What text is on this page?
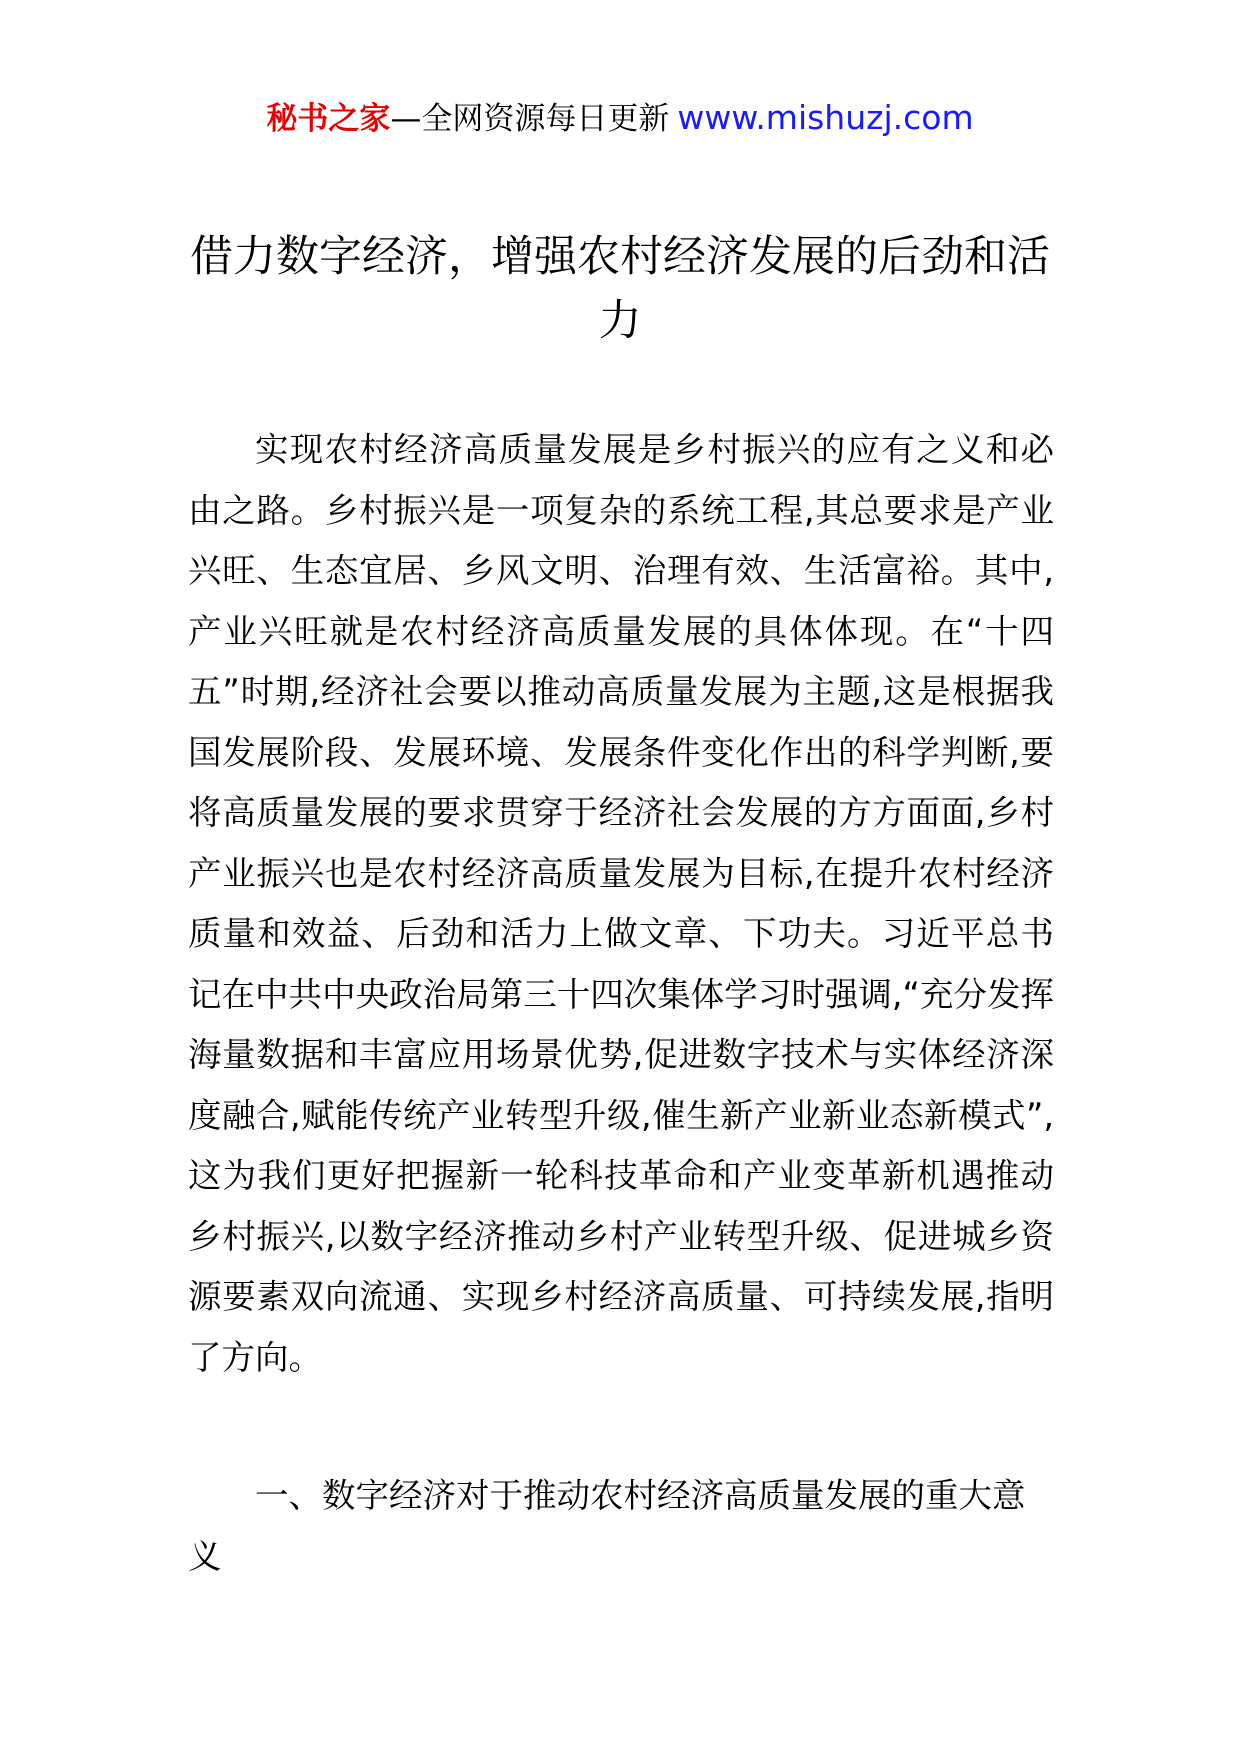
秘书之家—全网资源每日更新 www.mishuzj.com
借力数字经济，增强农村经济发展的后劲和活力

实现农村经济高质量发展是乡村振兴的应有之义和必由之路。乡村振兴是一项复杂的系统工程,其总要求是产业兴旺、生态宜居、乡风文明、治理有效、生活富裕。其中,产业兴旺就是农村经济高质量发展的具体体现。在“十四五”时期,经济社会要以推动高质量发展为主题,这是根据我国发展阶段、发展环境、发展条件变化作出的科学判断,要将高质量发展的要求贯穿于经济社会发展的方方面面,乡村产业振兴也是农村经济高质量发展为目标,在提升农村经济质量和效益、后劲和活力上做文章、下功夫。习近平总书记在中共中央政治局第三十四次集体学习时强调,“充分发挥海量数据和丰富应用场景优势,促进数字技术与实体经济深度融合,赋能传统产业转型升级,催生新产业新业态新模式”,这为我们更好把握新一轮科技革命和产业变革新机遇推动乡村振兴,以数字经济推动乡村产业转型升级、促进城乡资源要素双向流通、实现乡村经济高质量、可持续发展,指明了方向。

一、数字经济对于推动农村经济高质量发展的重大意义
